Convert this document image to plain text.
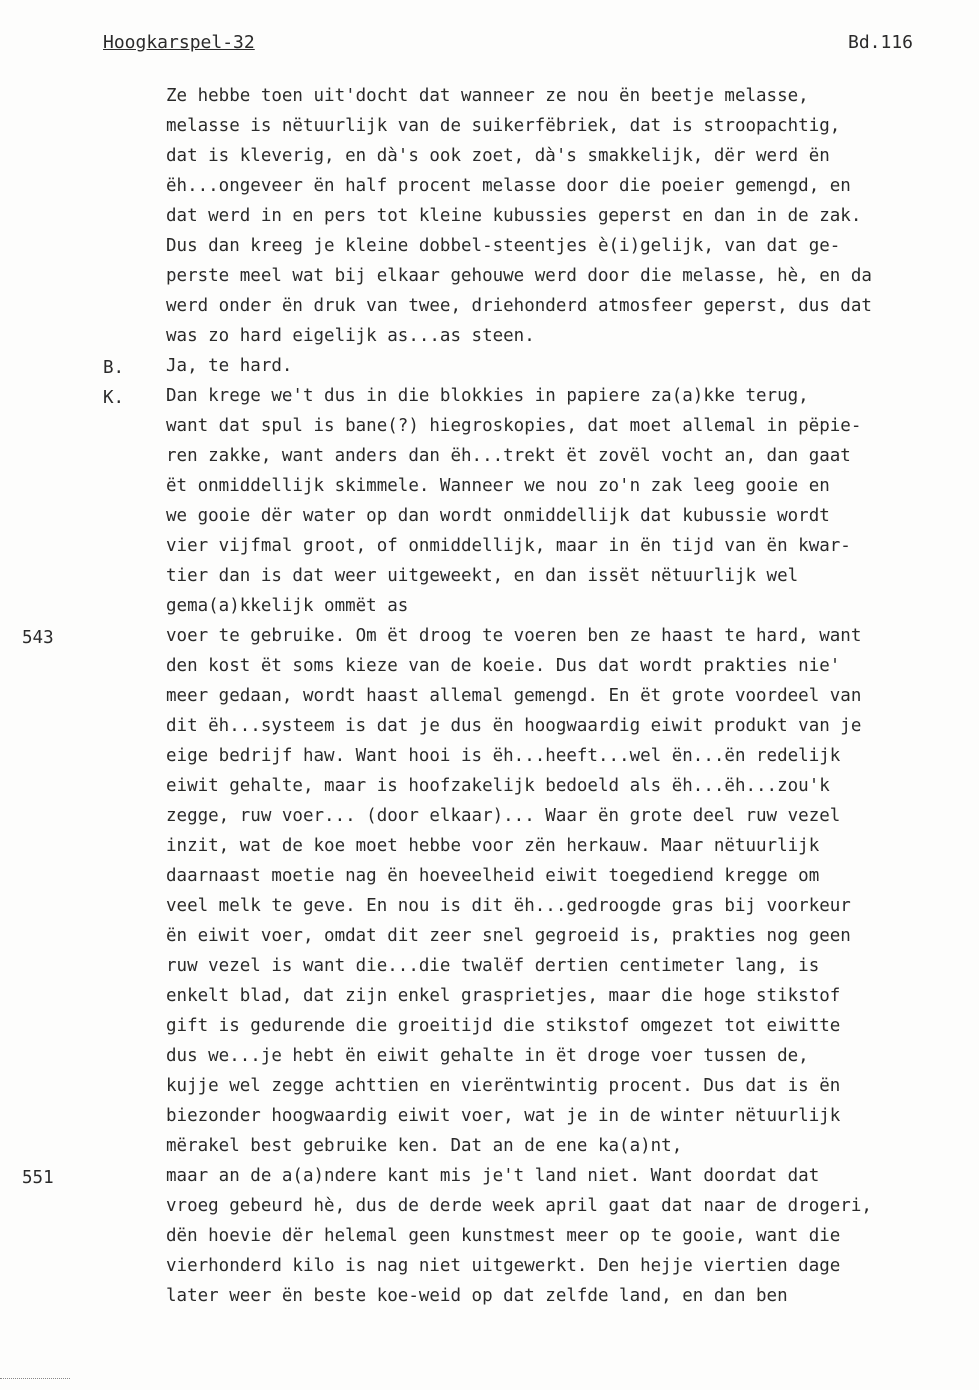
Hoogkarspel-32	Bd.116
Ze hebbe toen uit'docht dat wanneer ze nou ën beetje melasse,
melasse is nëtuurlijk van de suikerfëbriek, dat is stroopachtig,
dat is kleverig, en dà's ook zoet, dà's smakkelijk, dër werd ën
ëh...ongeveer ën half procent melasse door die poeier gemengd, en
dat werd in en pers tot kleine kubussies geperst en dan in de zak.
Dus dan kreeg je kleine dobbel-steentjes è(i)gelijk, van dat ge-
perste meel wat bij elkaar gehouwe werd door die melasse, hè, en da
werd onder ën druk van twee, driehonderd atmosfeer geperst, dus dat
was zo hard eigelijk as...as steen.
Ja, te hard.
Dan krege we't dus in die blokkies in papiere za(a)kke terug,
want dat spul is bane(?) hiegroskopies, dat moet allemal in pëpie-
ren zakke, want anders dan ëh...trekt ët zovël vocht an, dan gaat
ët onmiddellijk skimmele. Wanneer we nou zo'n zak leeg gooie en
we gooie dër water op dan wordt onmiddellijk dat kubussie wordt
vier vijfmal groot, of onmiddellijk, maar in ën tijd van ën kwar-
tier dan is dat weer uitgeweekt, en dan issët nëtuurlijk wel
gema(a)kkelijk ommët as
voer te gebruike. Om ët droog te voeren ben ze haast te hard, want
den kost ët soms kieze van de koeie. Dus dat wordt prakties nie'
meer gedaan, wordt haast allemal gemengd. En ët grote voordeel van
dit ëh...systeem is dat je dus ën hoogwaardig eiwit produkt van je
eige bedrijf haw. Want hooi is ëh...heeft...wel ën...ën redelijk
eiwit gehalte, maar is hoofzakelijk bedoeld als ëh...ëh...zou'k
zegge, ruw voer... (door elkaar)... Waar ën grote deel ruw vezel
inzit, wat de koe moet hebbe voor zën herkauw. Maar nëtuurlijk
daarnaast moetie nag ën hoeveelheid eiwit toegediend kregge om
veel melk te geve. En nou is dit ëh...gedroogde gras bij voorkeur
ën eiwit voer, omdat dit zeer snel gegroeid is, prakties nog geen
ruw vezel is want die...die twalëf dertien centimeter lang, is
enkelt blad, dat zijn enkel grasprietjes, maar die hoge stikstof
gift is gedurende die groeitijd die stikstof omgezet tot eiwitte
dus we...je hebt ën eiwit gehalte in ët droge voer tussen de,
kujje wel zegge achttien en vierëntwintig procent. Dus dat is ën
biezonder hoogwaardig eiwit voer, wat je in de winter nëtuurlijk
mërakel best gebruike ken. Dat an de ene ka(a)nt,
maar an de a(a)ndere kant mis je't land niet. Want doordat dat
vroeg gebeurd hè, dus de derde week april gaat dat naar de drogeri,
dën hoevie dër helemal geen kunstmest meer op te gooie, want die
vierhonderd kilo is nag niet uitgewerkt. Den hejje viertien dage
later weer ën beste koe-weid op dat zelfde land, en dan ben
B.
K.
543
551
